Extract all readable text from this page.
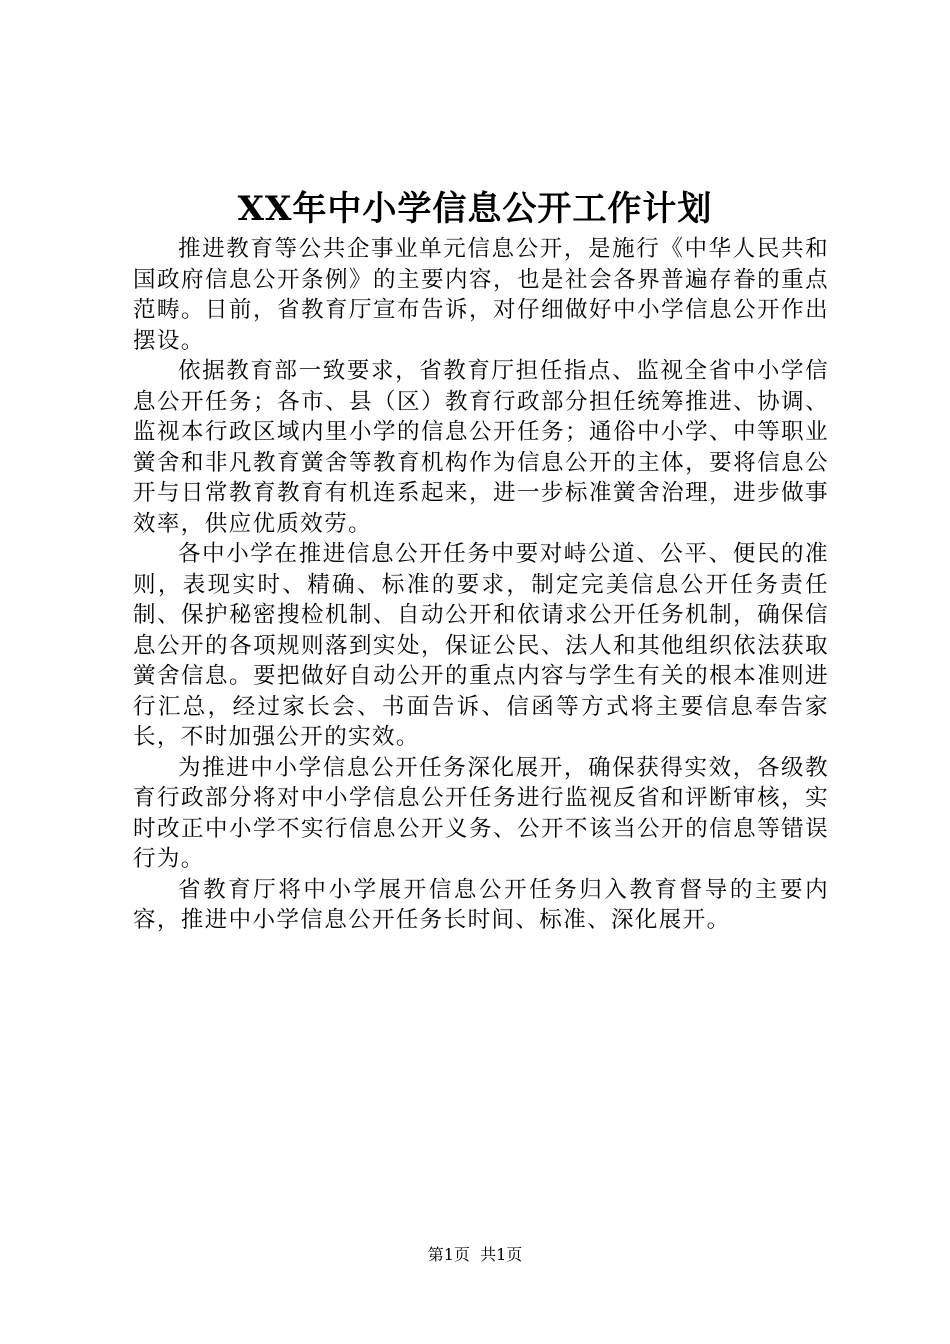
XX年中小学信息公开工作计划

推进教育等公共企事业单元信息公开，是施行《中华人民共和国政府信息公开条例》的主要内容，也是社会各界普遍存眷的重点范畴。日前，省教育厅宣布告诉，对仔细做好中小学信息公开作出摆设。

依据教育部一致要求，省教育厅担任指点、监视全省中小学信息公开任务；各市、县（区）教育行政部分担任统筹推进、协调、监视本行政区域内里小学的信息公开任务；通俗中小学、中等职业黉舍和非凡教育黉舍等教育机构作为信息公开的主体，要将信息公开与日常教育教育有机连系起来，进一步标准黉舍治理，进步做事效率，供应优质效劳。

各中小学在推进信息公开任务中要对峙公道、公平、便民的准则，表现实时、精确、标准的要求，制定完美信息公开任务责任制、保护秘密搜检机制、自动公开和依请求公开任务机制，确保信息公开的各项规则落到实处，保证公民、法人和其他组织依法获取黉舍信息。要把做好自动公开的重点内容与学生有关的根本准则进行汇总，经过家长会、书面告诉、信函等方式将主要信息奉告家长，不时加强公开的实效。

为推进中小学信息公开任务深化展开，确保获得实效，各级教育行政部分将对中小学信息公开任务进行监视反省和评断审核，实时改正中小学不实行信息公开义务、公开不该当公开的信息等错误行为。

省教育厅将中小学展开信息公开任务归入教育督导的主要内容，推进中小学信息公开任务长时间、标准、深化展开。

第1页 共1页
